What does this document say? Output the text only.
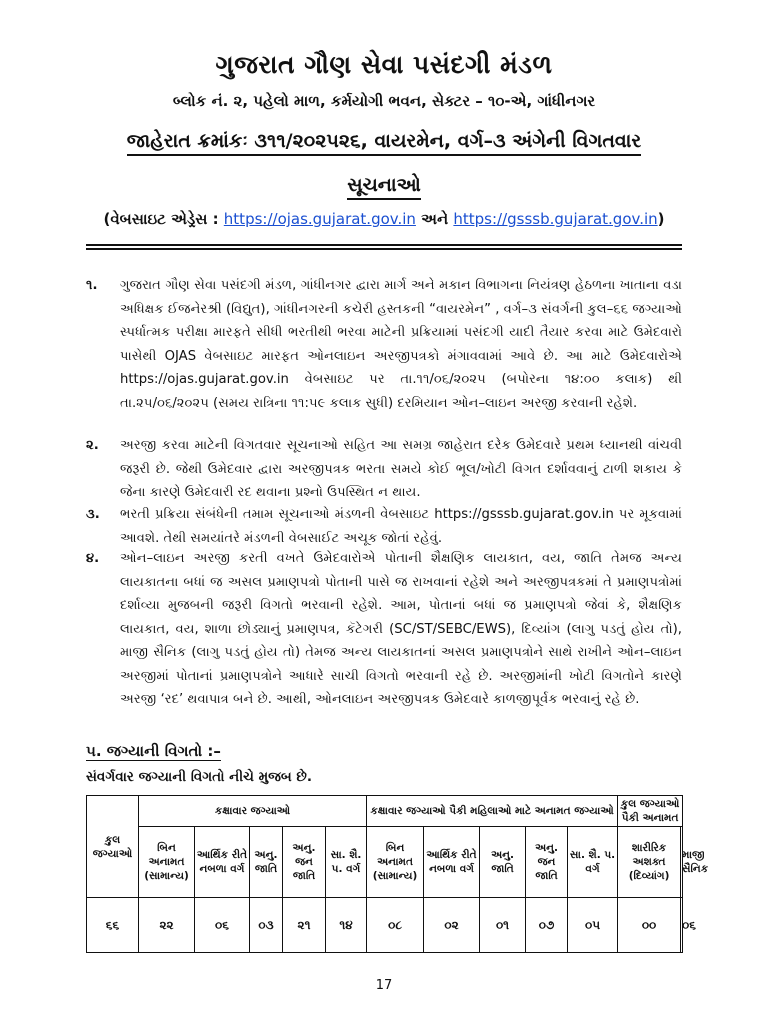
ગુજરાત ગૌણ સેવા પસંદગી મંડળ
બ્લોક નં. ૨, પહેલો માળ, કર્મયોગી ભવન, સેક્ટર – ૧૦-એ, ગાંધીનગર
જાહેરાત ક્રમાંકઃ ૩૧૧/૨૦૨૫૨૬, વાયરમેન, વર્ગ–૩ અંગેની વિગતવાર
સૂચનાઓ
(વેબસાઇટ એડ્રેસ : https://ojas.gujarat.gov.in અને https://gsssb.gujarat.gov.in)
૧.	ગુજરાત ગૌણ સેવા પસંદગી મંડળ, ગાંધીનગર દ્વારા માર્ગ અને મકાન વિભાગના નિયંત્રણ હેઠળના ખાતાના વડા અધિક્ષક ઈજનેરશ્રી (વિદ્યુત), ગાંધીનગરની કચેરી હસ્તકની “વાયરમેન” , વર્ગ–૩ સંવર્ગની કુલ–૬૬ જગ્યાઓ સ્પર્ધાત્મક પરીક્ષા મારફતે સીધી ભરતીથી ભરવા માટેની પ્રક્રિયામાં પસંદગી યાદી તૈયાર કરવા માટે ઉમેદવારો પાસેથી OJAS વેબસાઇટ મારફત ઓનલાઇન અરજીપત્રકો મંગાવવામાં આવે છે. આ માટે ઉમેદવારોએ https://ojas.gujarat.gov.in વેબસાઇટ પર તા.૧૧/૦૬/૨૦૨૫ (બપોરના ૧૪:૦૦ કલાક) થી તા.૨૫/૦૬/૨૦૨૫ (સમય રાત્રિના ૧૧:૫૯ કલાક સુધી) દરમિયાન ઓન–લાઇન અરજી કરવાની રહેશે.
૨.	અરજી કરવા માટેની વિગતવાર સૂચનાઓ સહિત આ સમગ્ર જાહેરાત દરેક ઉમેદવારે પ્રથમ ધ્યાનથી વાંચવી જરૂરી છે. જેથી ઉમેદવાર દ્વારા અરજીપત્રક ભરતા સમયે કોઈ ભૂલ/ખોટી વિગત દર્શાવવાનું ટાળી શકાય કે જેના કારણે ઉમેદવારી રદ થવાના પ્રશ્નો ઉપસ્થિત ન થાય.
૩.	ભરતી પ્રક્રિયા સંબંધેની તમામ સૂચનાઓ મંડળની વેબસાઇટ https://gsssb.gujarat.gov.in પર મૂકવામાં આવશે. તેથી સમયાંતરે મંડળની વેબસાઈટ અચૂક જોતાં રહેવું.
૪.	ઓન–લાઇન અરજી કરતી વખતે ઉમેદવારોએ પોતાની શૈક્ષણિક લાયકાત, વય, જાતિ તેમજ અન્ય લાયકાતના બધાં જ અસલ પ્રમાણપત્રો પોતાની પાસે જ રાખવાનાં રહેશે અને અરજીપત્રકમાં તે પ્રમાણપત્રોમાં દર્શાવ્યા મુજબની જરૂરી વિગતો ભરવાની રહેશે. આમ, પોતાનાં બધાં જ પ્રમાણપત્રો જેવાં કે, શૈક્ષણિક લાયકાત, વય, શાળા છોડ્યાનું પ્રમાણપત્ર, કૅટેગરી (SC/ST/SEBC/EWS), દિવ્યાંગ (લાગુ પડતું હોય તો), માજી સૈનિક (લાગુ પડતું હોય તો) તેમજ અન્ય લાયકાતનાં અસલ પ્રમાણપત્રોને સાથે રાખીને ઓન–લાઇન અરજીમાં પોતાનાં પ્રમાણપત્રોને આધારે સાચી વિગતો ભરવાની રહે છે. અરજીમાંની ખોટી વિગતોને કારણે અરજી ‘રદ’ થવાપાત્ર બને છે. આથી, ઓનલાઇન અરજીપત્રક ઉમેદવારે કાળજીપૂર્વક ભરવાનું રહે છે.
૫. જગ્યાની વિગતો :–
સંવર્ગવાર જગ્યાની વિગતો નીચે મુજબ છે.
કુલ જગ્યાઓ	કક્ષાવાર જગ્યાઓ					કક્ષાવાર જગ્યાઓ પૈકી મહિલાઓ માટે અનામત જગ્યાઓ					કુલ જગ્યાઓ પૈકી અનામત	
	બિન અનામત (સામાન્ય)	આર્થિક રીતે નબળા વર્ગ	અનુ. જાતિ	અનુ. જન જાતિ	સા. શૈ. પ. વર્ગ	બિન અનામત (સામાન્ય)	આર્થિક રીતે નબળા વર્ગ	અનુ. જાતિ	અનુ. જન જાતિ	સા. શૈ. પ. વર્ગ	શારીરિક અશક્ત (દિવ્યાંગ)	માજી સૈનિક
૬૬	૨૨	૦૬	૦૩	૨૧	૧૪	૦૮	૦૨	૦૧	૦૭	૦૫	૦૦	૦૬
17
